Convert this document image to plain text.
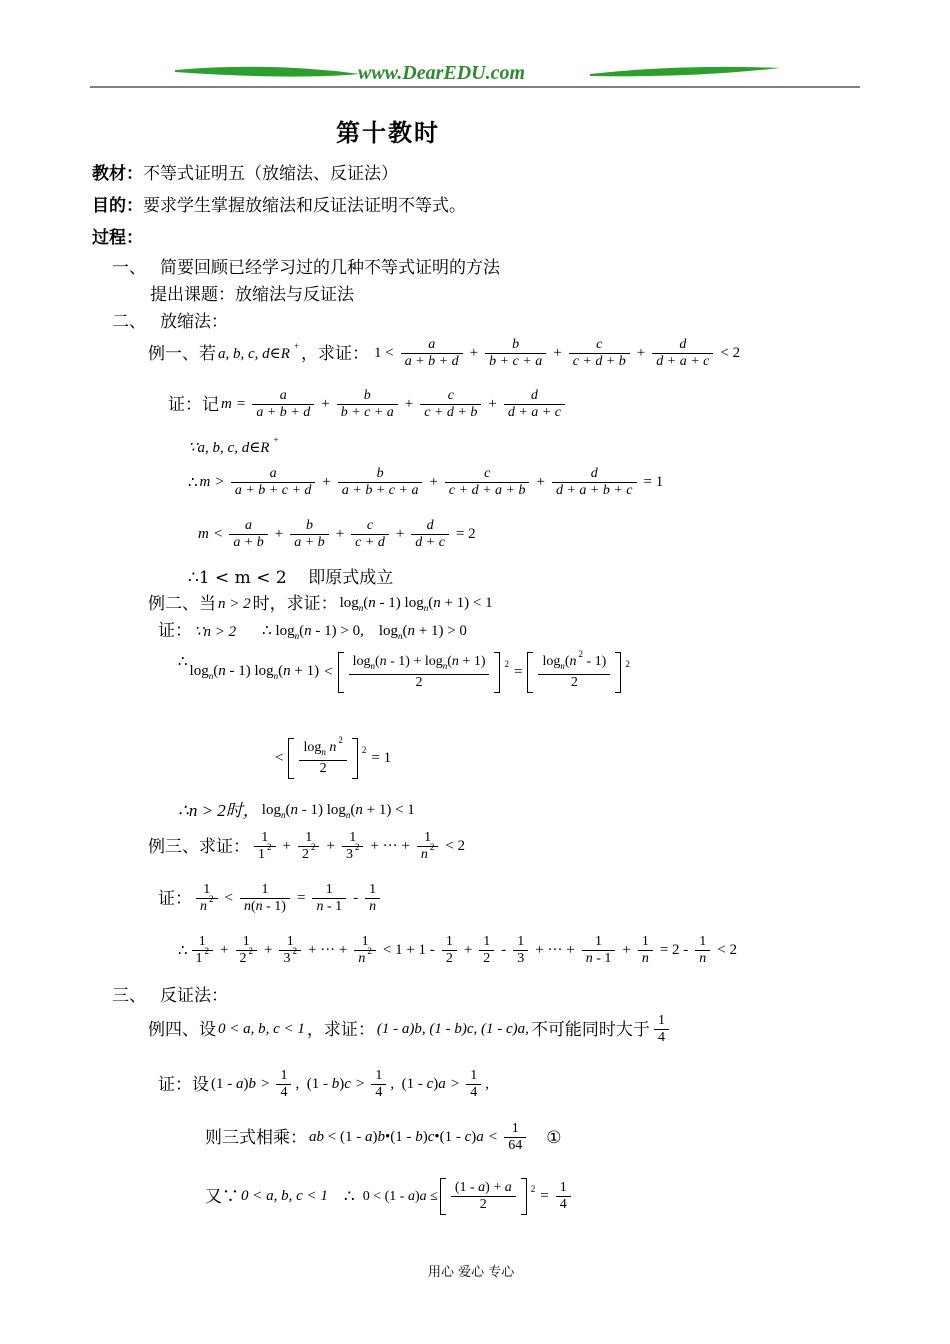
www.DearEDU.com
第十教时
教材：不等式证明五（放缩法、反证法）
目的：要求学生掌握放缩法和反证法证明不等式。
过程：
一、 简要回顾已经学习过的几种不等式证明的方法
提出课题：放缩法与反证法
二、 放缩法：
例一、若 a, b, c, d∈R
+ ，求证： $1 < \frac{a}{a + b + d} + \frac{b}{b + c + a} + \frac{c}{c + d + b} + \frac{d}{d + a + c} < 2$
证：记 $m = \frac{a}{a + b + d} + \frac{b}{b + c + a} + \frac{c}{c + d + b} + \frac{d}{d + a + c}$
∵a, b, c, d∈R
+
∴ $m > \frac{a}{a + b + c + d} + \frac{b}{a + b + c + a} + \frac{c}{c + d + a + b} + \frac{d}{d + a + b + c} = 1$
$m < \frac{a}{a + b} + \frac{b}{a + b} + \frac{c}{c + d} + \frac{d}{d + c} = 2$
∴1 < m < 2 即原式成立
例二、当 n > 2 时，求证： $\log_n(n - 1) \log_n(n + 1) < 1$
证： ∵n > 2 ∴ $\log_n(n - 1) > 0$,    $\log_n(n + 1) > 0$
∴
$\log_n(n - 1) \log_n(n + 1) < \frac{\log_n(n - 1) + \log_n(n + 1)}{2} ^2 = \frac{\log_n(n ^2 - 1)}{2} ^2$
< $\frac{\log_n n ^2}{2} ^2 = 1$
∴n > 2时， $\log_n(n - 1) \log_n(n + 1) < 1$
例三、求证： $\frac{1}{1 ^2} + \frac{1}{2 ^2} + \frac{1}{3 ^2}$ + ··· + $\frac{1}{n ^2} < 2$
证： $\frac{1}{n ^2} < \frac{1}{n(n - 1)} = \frac{1}{n - 1} - \frac{1}{n}$
∴ $\frac{1}{1 ^2} + \frac{1}{2 ^2} + \frac{1}{3 ^2}$ + ··· + $\frac{1}{n ^2} < 1 + 1 - \frac{1}{2} + \frac{1}{2} - \frac{1}{3}$ + ··· + $\frac{1}{n - 1} + \frac{1}{n} = 2 - \frac{1}{n} < 2$
三、 反证法：
例四、设 0 < a, b, c < 1 ，求证： (1 - a)b, (1 - b)c, (1 - c)a, 不可能同时大于 $\frac{1}{4}$
证：设 $(1 - a)b > \frac{1}{4}$ ,  $(1 - b)c > \frac{1}{4}$ ,  $(1 - c)a > \frac{1}{4}$ ,
则三式相乘： ab < (1 - a)b•(1 - b)c•(1 - $c)a < \frac{1}{64}$ ①
又∵ 0 < a, b, c < 1 ∴ $0 < (1 - a)a \le \frac{(1 - a) + a}{2} ^2 = \frac{1}{4}$
用心 爱心 专心
